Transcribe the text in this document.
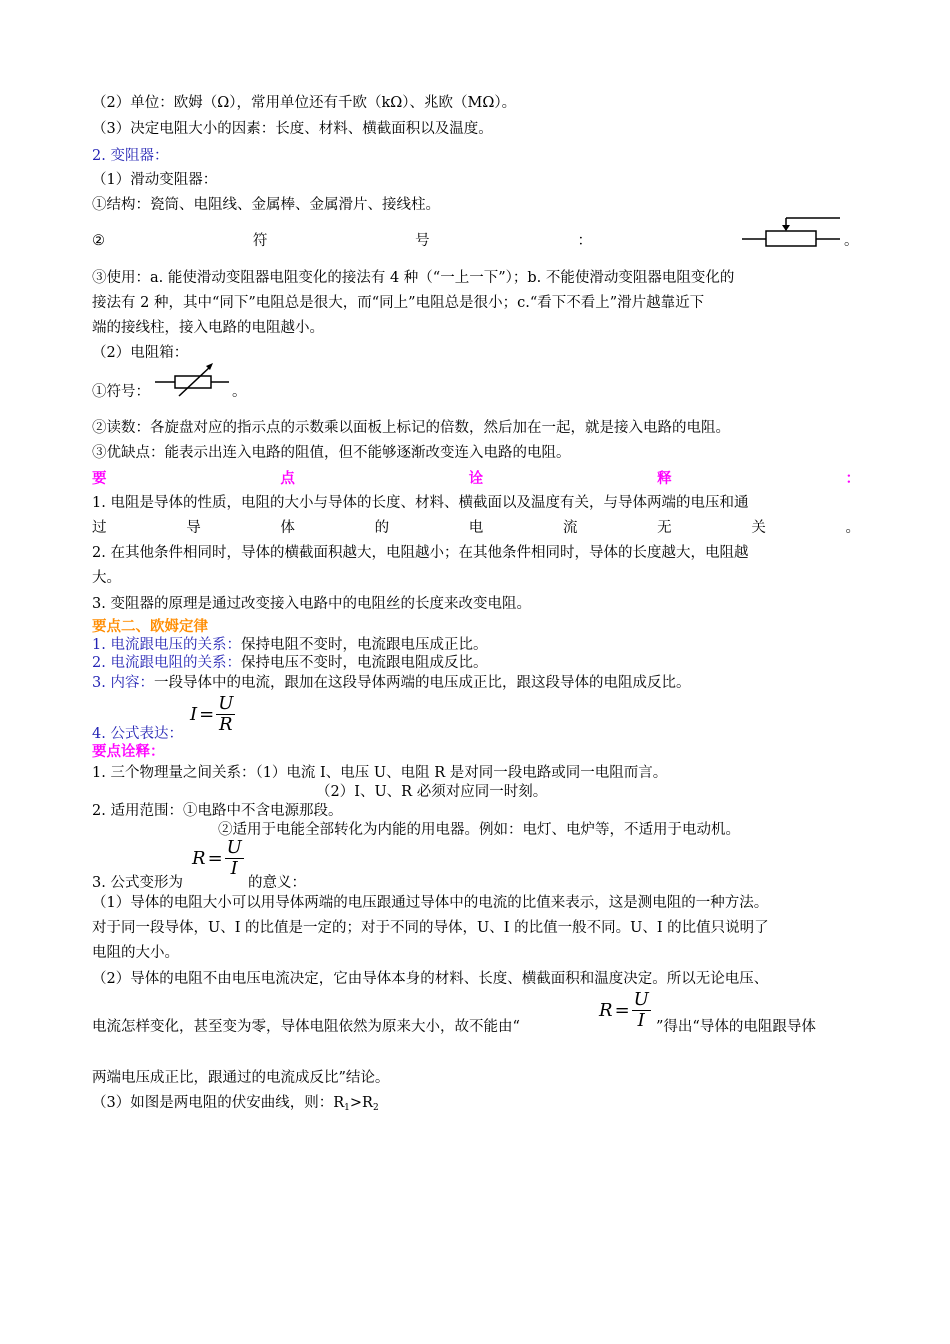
（2）单位：欧姆（Ω），常用单位还有千欧（kΩ）、兆欧（MΩ）。
（3）决定电阻大小的因素：长度、材料、横截面积以及温度。
2. 变阻器：
（1）滑动变阻器：
①结构：瓷筒、电阻线、金属棒、金属滑片、接线柱。
②	符	号	：	。
③使用：a. 能使滑动变阻器电阻变化的接法有 4 种（“一上一下”）；b. 不能使滑动变阻器电阻变化的
接法有 2 种，其中“同下”电阻总是很大，而“同上”电阻总是很小；c.“看下不看上”滑片越靠近下
端的接线柱，接入电路的电阻越小。
（2）电阻箱：
①符号：	。
②读数：各旋盘对应的指示点的示数乘以面板上标记的倍数，然后加在一起，就是接入电路的电阻。
③优缺点：能表示出连入电路的阻值，但不能够逐渐改变连入电路的电阻。
要	点	诠	释	：
1. 电阻是导体的性质，电阻的大小与导体的长度、材料、横截面以及温度有关，与导体两端的电压和通
过	导	体	的	电	流	无	关	。
2. 在其他条件相同时，导体的横截面积越大，电阻越小；在其他条件相同时，导体的长度越大，电阻越
大。
3. 变阻器的原理是通过改变接入电路中的电阻丝的长度来改变电阻。
要点二、欧姆定律
1. 电流跟电压的关系：保持电阻不变时，电流跟电压成正比。
2. 电流跟电阻的关系：保持电压不变时，电流跟电阻成反比。
3. 内容：一段导体中的电流，跟加在这段导体两端的电压成正比，跟这段导体的电阻成反比。
4. 公式表达：
$I = \frac{U}{R}$
要点诠释：
1. 三个物理量之间关系：（1）电流 I、电压 U、电阻 R 是对同一段电路或同一电阻而言。
（2）I、U、R 必须对应同一时刻。
2. 适用范围：①电路中不含电源那段。
②适用于电能全部转化为内能的用电器。例如：电灯、电炉等，不适用于电动机。
3. 公式变形为
$R = \frac{U}{I}$
的意义：
（1）导体的电阻大小可以用导体两端的电压跟通过导体中的电流的比值来表示，这是测电阻的一种方法。
对于同一段导体，U、I 的比值是一定的；对于不同的导体，U、I 的比值一般不同。U、I 的比值只说明了
电阻的大小。
（2）导体的电阻不由电压电流决定，它由导体本身的材料、长度、横截面积和温度决定。所以无论电压、
电流怎样变化，甚至变为零，导体电阻依然为原来大小，故不能由“
$R = \frac{U}{I}$ ”得出“导体的电阻跟导体
两端电压成正比，跟通过的电流成反比”结论。
（3）如图是两电阻的伏安曲线，则：$R_1>R_2$
